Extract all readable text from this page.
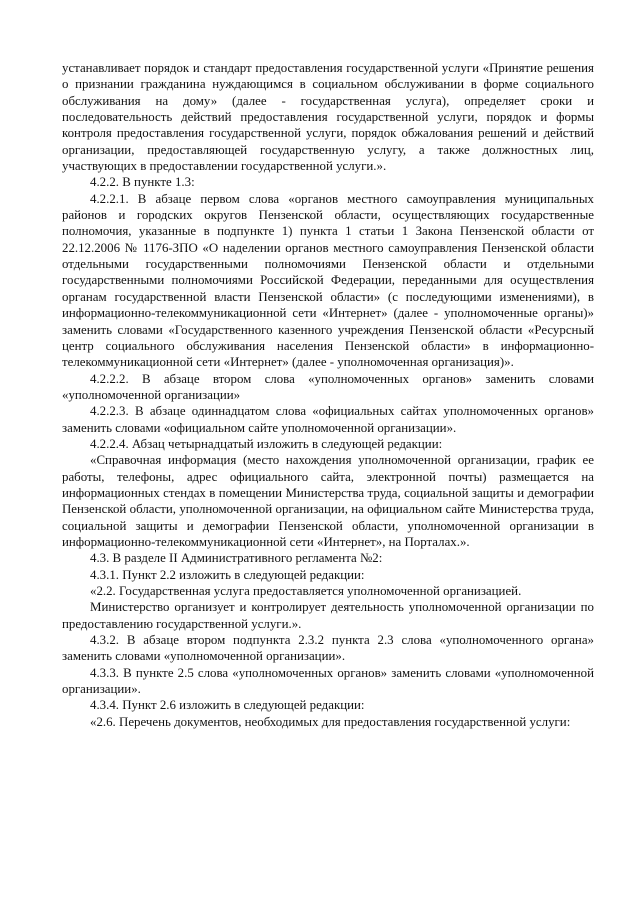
устанавливает порядок и стандарт предоставления государственной услуги «Принятие решения о признании гражданина нуждающимся в социальном обслуживании в форме социального обслуживания на дому» (далее - государственная услуга), определяет сроки и последовательность действий предоставления государственной услуги, порядок и формы контроля предоставления государственной услуги, порядок обжалования решений и действий организации, предоставляющей государственную услугу, а также должностных лиц, участвующих в предоставлении государственной услуги.».

4.2.2. В пункте 1.3:

4.2.2.1. В абзаце первом слова «органов местного самоуправления муниципальных районов и городских округов Пензенской области, осуществляющих государственные полномочия, указанные в подпункте 1) пункта 1 статьи 1 Закона Пензенской области от 22.12.2006 № 1176-ЗПО «О наделении органов местного самоуправления Пензенской области отдельными государственными полномочиями Пензенской области и отдельными государственными полномочиями Российской Федерации, переданными для осуществления органам государственной власти Пензенской области» (с последующими изменениями), в информационно-телекоммуникационной сети «Интернет» (далее - уполномоченные органы)» заменить словами «Государственного казенного учреждения Пензенской области «Ресурсный центр социального обслуживания населения Пензенской области» в информационно-телекоммуникационной сети «Интернет» (далее - уполномоченная организация)».

4.2.2.2. В абзаце втором слова «уполномоченных органов» заменить словами «уполномоченной организации»

4.2.2.3. В абзаце одиннадцатом слова «официальных сайтах уполномоченных органов» заменить словами «официальном сайте уполномоченной организации».

4.2.2.4. Абзац четырнадцатый изложить в следующей редакции:

«Справочная информация (место нахождения уполномоченной организации, график ее работы, телефоны, адрес официального сайта, электронной почты) размещается на информационных стендах в помещении Министерства труда, социальной защиты и демографии Пензенской области, уполномоченной организации, на официальном сайте Министерства труда, социальной защиты и демографии Пензенской области, уполномоченной организации в информационно-телекоммуникационной сети «Интернет», на Порталах.».

4.3. В разделе II Административного регламента №2:

4.3.1. Пункт 2.2 изложить в следующей редакции:

«2.2. Государственная услуга предоставляется уполномоченной организацией.

Министерство организует и контролирует деятельность уполномоченной организации по предоставлению государственной услуги.».

4.3.2. В абзаце втором подпункта 2.3.2 пункта 2.3 слова «уполномоченного органа» заменить словами «уполномоченной организации».

4.3.3. В пункте 2.5 слова «уполномоченных органов» заменить словами «уполномоченной организации».

4.3.4. Пункт 2.6 изложить в следующей редакции:

«2.6. Перечень документов, необходимых для предоставления государственной услуги:
